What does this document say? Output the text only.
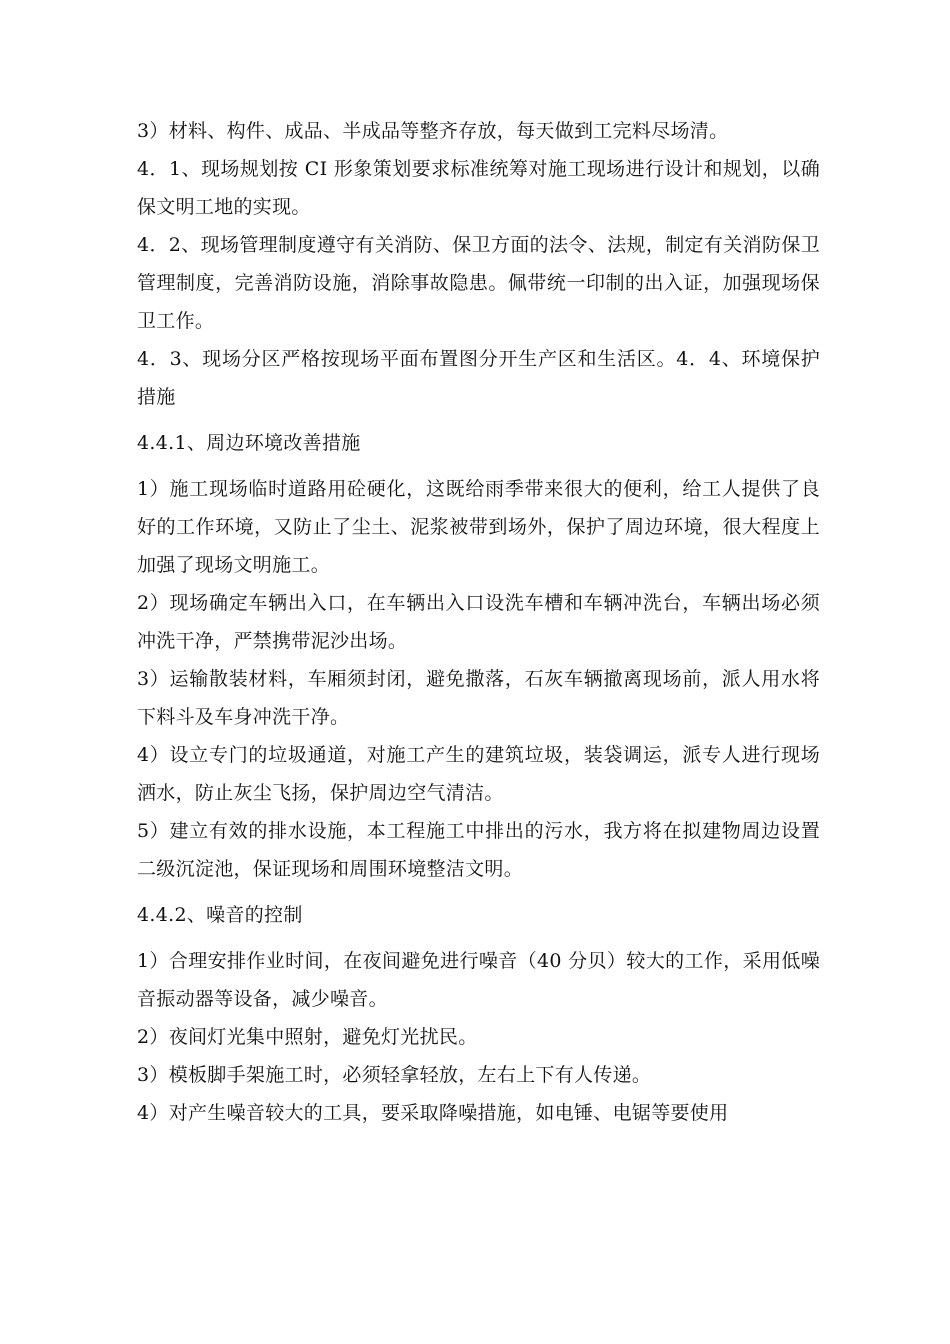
3）材料、构件、成品、半成品等整齐存放，每天做到工完料尽场清。

4．1、现场规划按 CI 形象策划要求标准统筹对施工现场进行设计和规划，以确保文明工地的实现。

4．2、现场管理制度遵守有关消防、保卫方面的法令、法规，制定有关消防保卫管理制度，完善消防设施，消除事故隐患。佩带统一印制的出入证，加强现场保卫工作。

4．3、现场分区严格按现场平面布置图分开生产区和生活区。4．4、环境保护措施

4.4.1、周边环境改善措施

1）施工现场临时道路用砼硬化，这既给雨季带来很大的便利，给工人提供了良好的工作环境，又防止了尘土、泥浆被带到场外，保护了周边环境，很大程度上加强了现场文明施工。

2）现场确定车辆出入口，在车辆出入口设洗车槽和车辆冲洗台，车辆出场必须冲洗干净，严禁携带泥沙出场。

3）运输散装材料，车厢须封闭，避免撒落，石灰车辆撤离现场前，派人用水将下料斗及车身冲洗干净。

4）设立专门的垃圾通道，对施工产生的建筑垃圾，装袋调运，派专人进行现场洒水，防止灰尘飞扬，保护周边空气清洁。

5）建立有效的排水设施，本工程施工中排出的污水，我方将在拟建物周边设置二级沉淀池，保证现场和周围环境整洁文明。

4.4.2、噪音的控制

1）合理安排作业时间，在夜间避免进行噪音（40 分贝）较大的工作，采用低噪音振动器等设备，减少噪音。

2）夜间灯光集中照射，避免灯光扰民。

3）模板脚手架施工时，必须轻拿轻放，左右上下有人传递。

4）对产生噪音较大的工具，要采取降噪措施，如电锤、电锯等要使用
